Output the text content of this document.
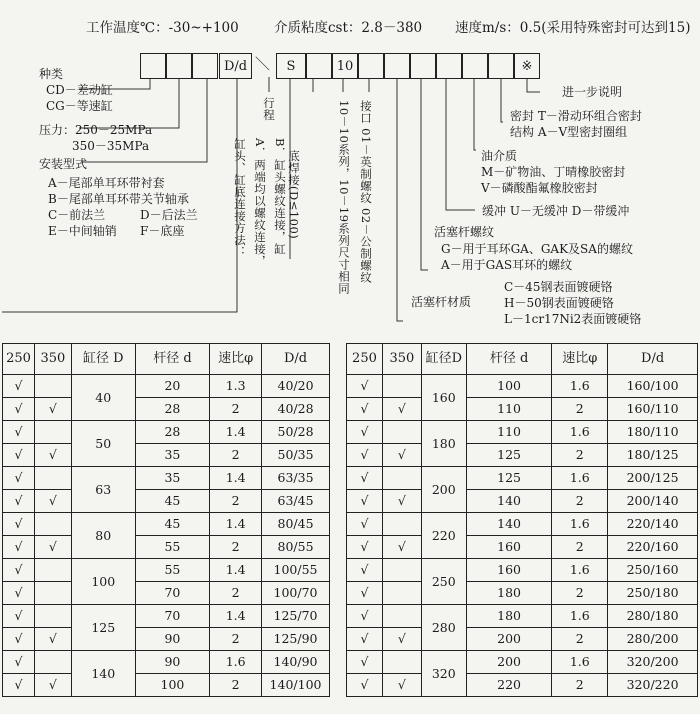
工作温度℃：-30~+100	介质粘度cst：2.8－380 速度m/s：0.5(采用特殊密封可达到15)
D/d ＼	S	10	※
种类
CD－差动缸
CG－等速缸
压力：250－25MPa
350－35MPa
安装型式
A－尾部单耳环带衬套
B－尾部单耳环带关节轴承
C－前法兰	D－后法兰
E－中间轴销 F－底座
行程
缸头、缸底连接方法： A．两端均以螺纹连接， B．缸头螺纹连接，缸 底焊接(D≤100)	10－10系列，10－19系列尺寸相同 接口 01－英制螺纹 02－公制螺纹
进一步说明
密封 T－滑动环组合密封
结构 A－V型密封圈组
油介质
M－矿物油、丁晴橡胶密封
V－磷酸酯氟橡胶密封
缓冲 U－无缓冲 D－带缓冲
活塞杆螺纹
G－用于耳环GA、GAK及SA的螺纹
A－用于GAS耳环的螺纹
活塞杆材质
C－45钢表面镀硬铬
H－50钢表面镀硬铬
L－1cr17Ni2表面镀硬铬
250	350	缸径 D	杆径 d	速比φ	D/d
√		40	20	1.3	40/20
√	√		28	2	40/28
√		50	28	1.4	50/28
√	√		35	2	50/35
√		63	35	1.4	63/35
√	√		45	2	63/45
√		80	45	1.4	80/45
√	√		55	2	80/55
√		100	55	1.4	100/55
√			70	2	100/70
√		125	70	1.4	125/70
√	√		90	2	125/90
√		140	90	1.6	140/90
√	√		100	2	140/100
250	350	缸径D	杆径 d	速比φ	D/d
√		160	100	1.6	160/100
√	√		110	2	160/110
√		180	110	1.6	180/110
√	√		125	2	180/125
√		200	125	1.6	200/125
√	√		140	2	200/140
√		220	140	1.6	220/140
√	√		160	2	220/160
√		250	160	1.6	250/160
√			180	2	250/180
√		280	180	1.6	280/180
√	√		200	2	280/200
√		320	200	1.6	320/200
√	√		220	2	320/220
